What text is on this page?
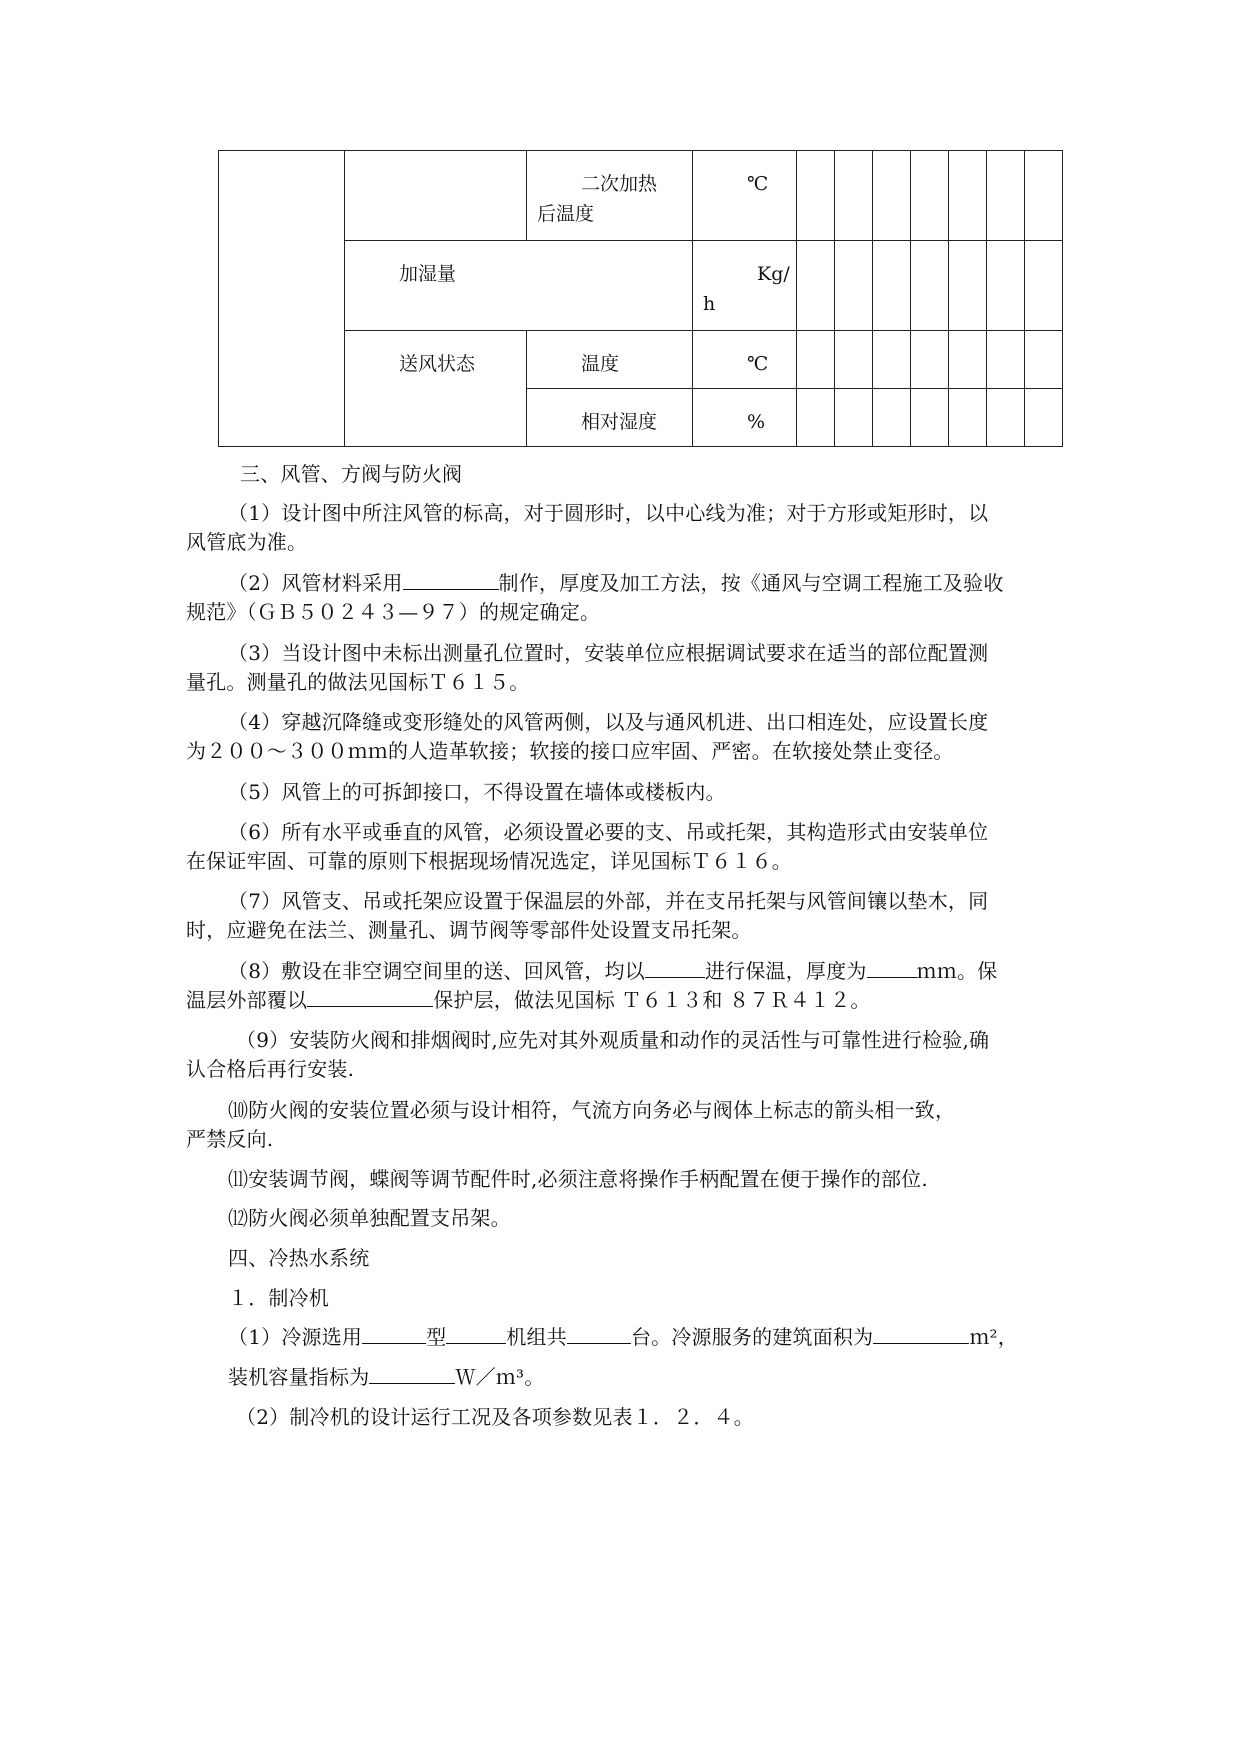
		二次加热
后温度	℃							

	加湿量		Kg/
h							

	送风状态	温度	℃							

		相对湿度	%							

三、风管、方阀与防火阀
（1）设计图中所注风管的标高，对于圆形时，以中心线为准；对于方形或矩形时，以
风管底为准。
（2）风管材料采用	制作，厚度及加工方法，按《通风与空调工程施工及验收
规范》（ＧＢ５０２４３—９７）的规定确定。
（3）当设计图中未标出测量孔位置时，安装单位应根据调试要求在适当的部位配置测
量孔。测量孔的做法见国标Ｔ６１５。
（4）穿越沉降缝或变形缝处的风管两侧，以及与通风机进、出口相连处，应设置长度
为２００～３００ｍｍ的人造革软接；软接的接口应牢固、严密。在软接处禁止变径。
（5）风管上的可拆卸接口，不得设置在墙体或楼板内。
（6）所有水平或垂直的风管，必须设置必要的支、吊或托架，其构造形式由安装单位
在保证牢固、可靠的原则下根据现场情况选定，详见国标Ｔ６１６。
（7）风管支、吊或托架应设置于保温层的外部，并在支吊托架与风管间镶以垫木，同
时，应避免在法兰、测量孔、调节阀等零部件处设置支吊托架。
（8）敷设在非空调空间里的送、回风管，均以	进行保温，厚度为	ｍｍ。保
温层外部覆以	保护层，做法见国标 Ｔ６１３和 ８７Ｒ４１２。
（9）安装防火阀和排烟阀时,应先对其外观质量和动作的灵活性与可靠性进行检验,确
认合格后再行安装.
⑽防火阀的安装位置必须与设计相符，气流方向务必与阀体上标志的箭头相一致，
严禁反向.
⑾安装调节阀，蝶阀等调节配件时,必须注意将操作手柄配置在便于操作的部位.
⑿防火阀必须单独配置支吊架。
四、冷热水系统
１．制冷机
（1）冷源选用	型	机组共	台。冷源服务的建筑面积为	ｍ²，
装机容量指标为	Ｗ／ｍ³。
（2）制冷机的设计运行工况及各项参数见表１．２．４。
